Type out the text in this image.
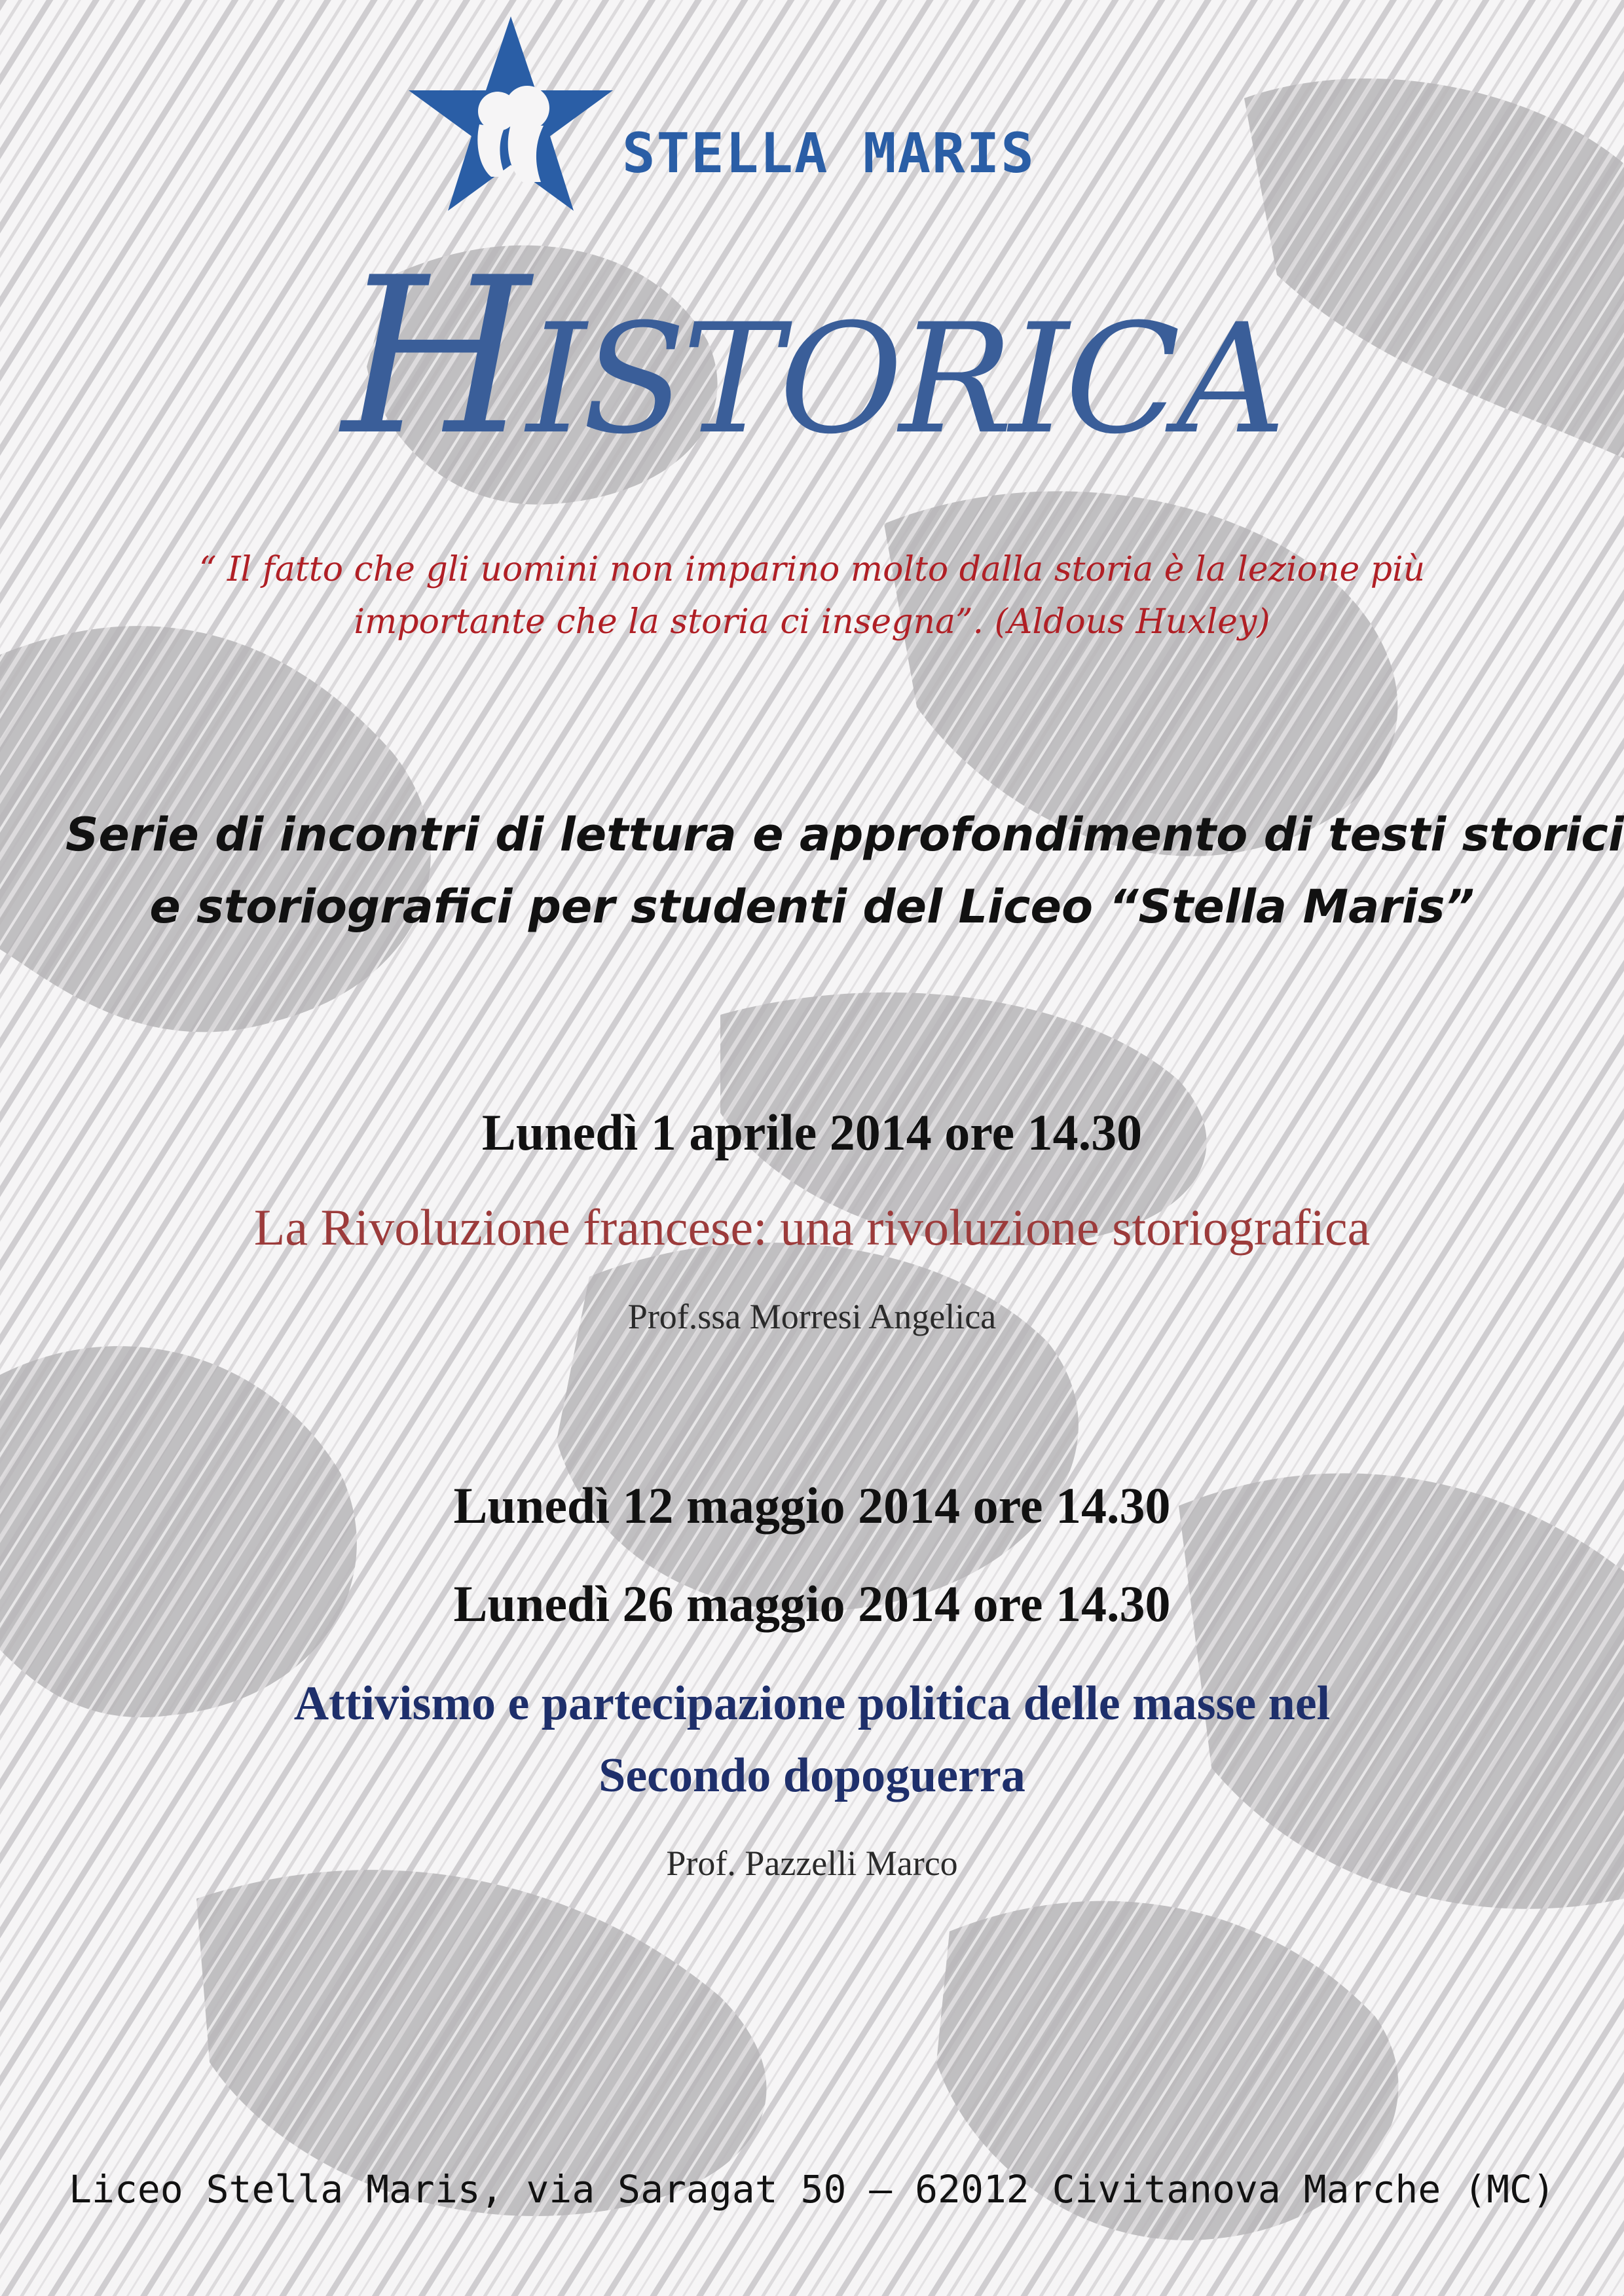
STELLA MARIS
Historica
“ Il fatto che gli uomini non imparino molto dalla storia è la lezione più
importante che la storia ci insegna”. (Aldous Huxley)
Serie di incontri di lettura e approfondimento di testi storici
e storiografici per studenti del Liceo “Stella Maris”
Lunedì 1 aprile 2014 ore 14.30
La Rivoluzione francese: una rivoluzione storiografica
Prof.ssa Morresi Angelica
Lunedì 12 maggio 2014 ore 14.30
Lunedì 26 maggio 2014 ore 14.30
Attivismo e partecipazione politica delle masse nel
Secondo dopoguerra
Prof. Pazzelli Marco
Liceo Stella Maris, via Saragat 50 – 62012 Civitanova Marche (MC)
